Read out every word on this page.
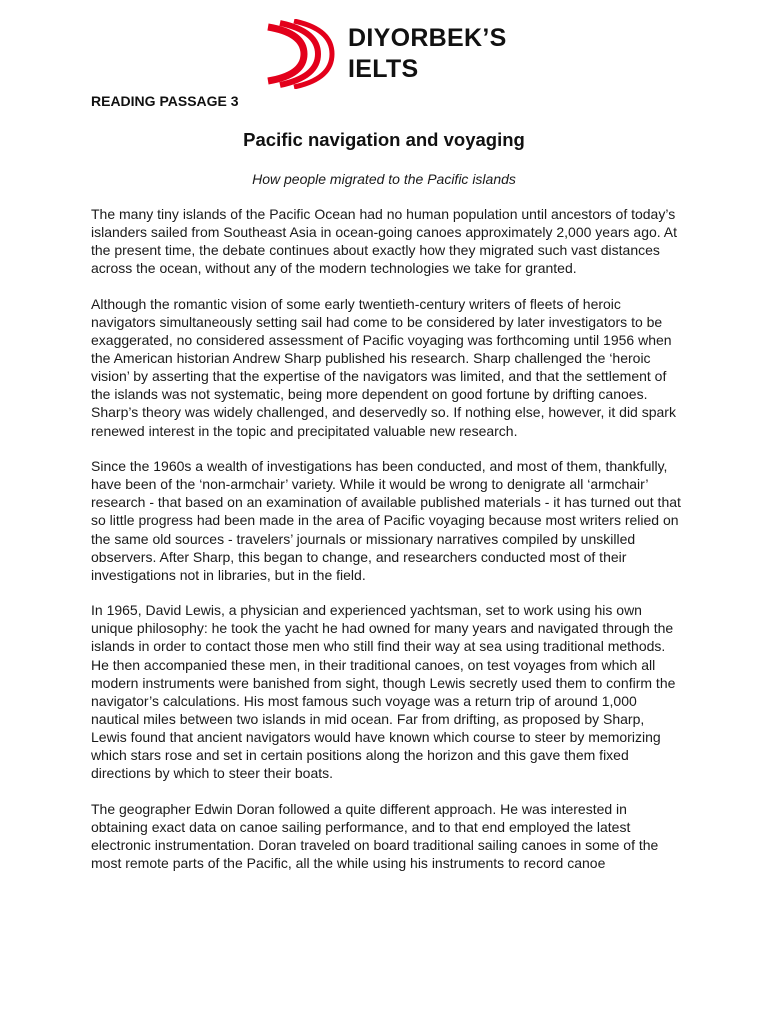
DIYORBEK’S
IELTS
READING PASSAGE 3
Pacific navigation and voyaging
How people migrated to the Pacific islands

The many tiny islands of the Pacific Ocean had no human population until ancestors of today’s islanders sailed from Southeast Asia in ocean-going canoes approximately 2,000 years ago. At the present time, the debate continues about exactly how they migrated such vast distances across the ocean, without any of the modern technologies we take for granted.

Although the romantic vision of some early twentieth-century writers of fleets of heroic navigators simultaneously setting sail had come to be considered by later investigators to be exaggerated, no considered assessment of Pacific voyaging was forthcoming until 1956 when the American historian Andrew Sharp published his research. Sharp challenged the ‘heroic vision’ by asserting that the expertise of the navigators was limited, and that the settlement of the islands was not systematic, being more dependent on good fortune by drifting canoes. Sharp’s theory was widely challenged, and deservedly so. If nothing else, however, it did spark renewed interest in the topic and precipitated valuable new research.

Since the 1960s a wealth of investigations has been conducted, and most of them, thankfully, have been of the ‘non-armchair’ variety. While it would be wrong to denigrate all ‘armchair’ research - that based on an examination of available published materials - it has turned out that so little progress had been made in the area of Pacific voyaging because most writers relied on the same old sources - travelers’ journals or missionary narratives compiled by unskilled observers. After Sharp, this began to change, and researchers conducted most of their investigations not in libraries, but in the field.

In 1965, David Lewis, a physician and experienced yachtsman, set to work using his own unique philosophy: he took the yacht he had owned for many years and navigated through the islands in order to contact those men who still find their way at sea using traditional methods. He then accompanied these men, in their traditional canoes, on test voyages from which all modern instruments were banished from sight, though Lewis secretly used them to confirm the navigator’s calculations. His most famous such voyage was a return trip of around 1,000 nautical miles between two islands in mid ocean. Far from drifting, as proposed by Sharp, Lewis found that ancient navigators would have known which course to steer by memorizing which stars rose and set in certain positions along the horizon and this gave them fixed directions by which to steer their boats.

The geographer Edwin Doran followed a quite different approach. He was interested in obtaining exact data on canoe sailing performance, and to that end employed the latest electronic instrumentation. Doran traveled on board traditional sailing canoes in some of the most remote parts of the Pacific, all the while using his instruments to record canoe
